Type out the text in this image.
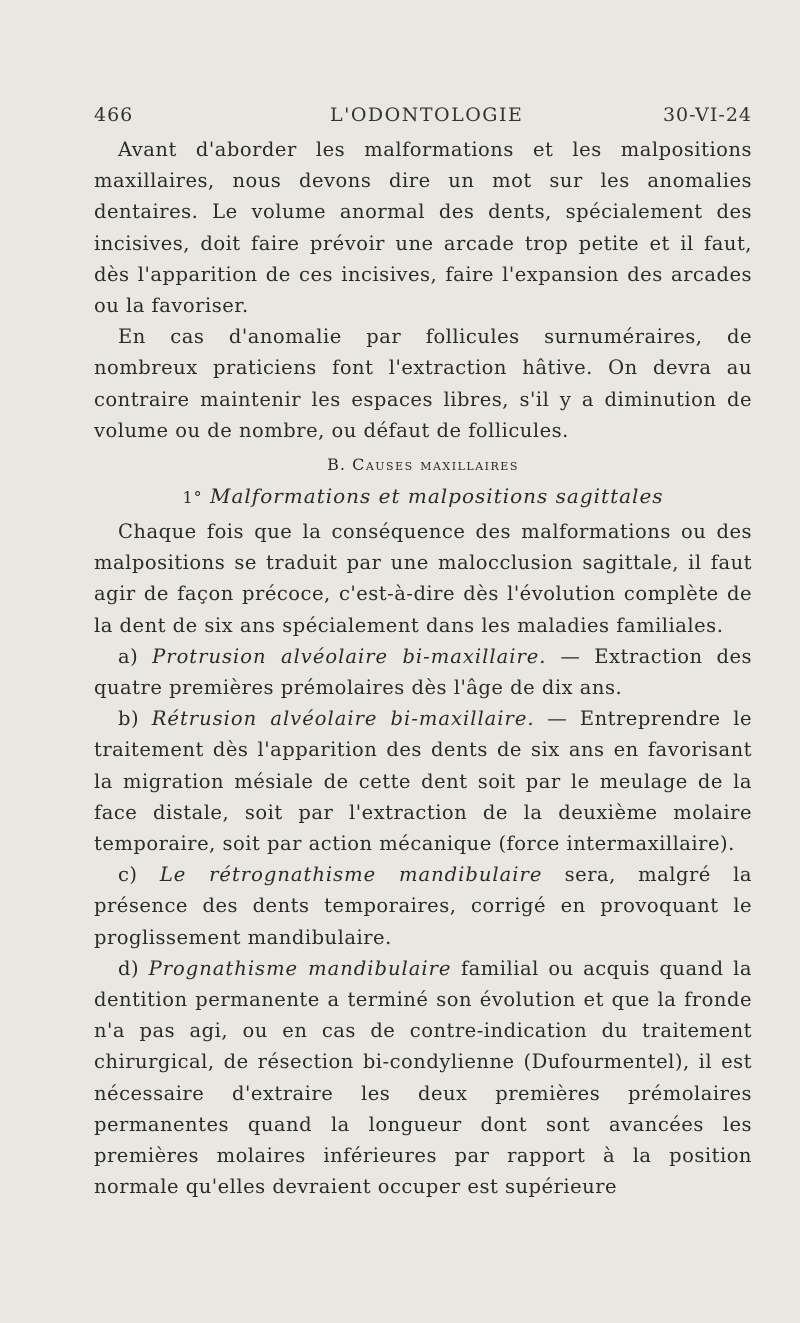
466	L'ODONTOLOGIE	30-VI-24

Avant d'aborder les malformations et les malpositions maxillaires, nous devons dire un mot sur les anomalies dentaires. Le volume anormal des dents, spécialement des incisives, doit faire prévoir une arcade trop petite et il faut, dès l'apparition de ces incisives, faire l'expansion des arcades ou la favoriser.

En cas d'anomalie par follicules surnuméraires, de nombreux praticiens font l'extraction hâtive. On devra au contraire maintenir les espaces libres, s'il y a diminution de volume ou de nombre, ou défaut de follicules.

B. Causes maxillaires
1° Malformations et malpositions sagittales

Chaque fois que la conséquence des malformations ou des malpositions se traduit par une malocclusion sagittale, il faut agir de façon précoce, c'est-à-dire dès l'évolution complète de la dent de six ans spécialement dans les maladies familiales.

a) Protrusion alvéolaire bi-maxillaire. — Extraction des quatre premières prémolaires dès l'âge de dix ans.

b) Rétrusion alvéolaire bi-maxillaire. — Entreprendre le traitement dès l'apparition des dents de six ans en favorisant la migration mésiale de cette dent soit par le meulage de la face distale, soit par l'extraction de la deuxième molaire temporaire, soit par action mécanique (force intermaxillaire).

c) Le rétrognathisme mandibulaire sera, malgré la présence des dents temporaires, corrigé en provoquant le proglissement mandibulaire.

d) Prognathisme mandibulaire familial ou acquis quand la dentition permanente a terminé son évolution et que la fronde n'a pas agi, ou en cas de contre-indication du traitement chirurgical, de résection bi-condylienne (Dufourmentel), il est nécessaire d'extraire les deux premières prémolaires permanentes quand la longueur dont sont avancées les premières molaires inférieures par rapport à la position normale qu'elles devraient occuper est supérieure
